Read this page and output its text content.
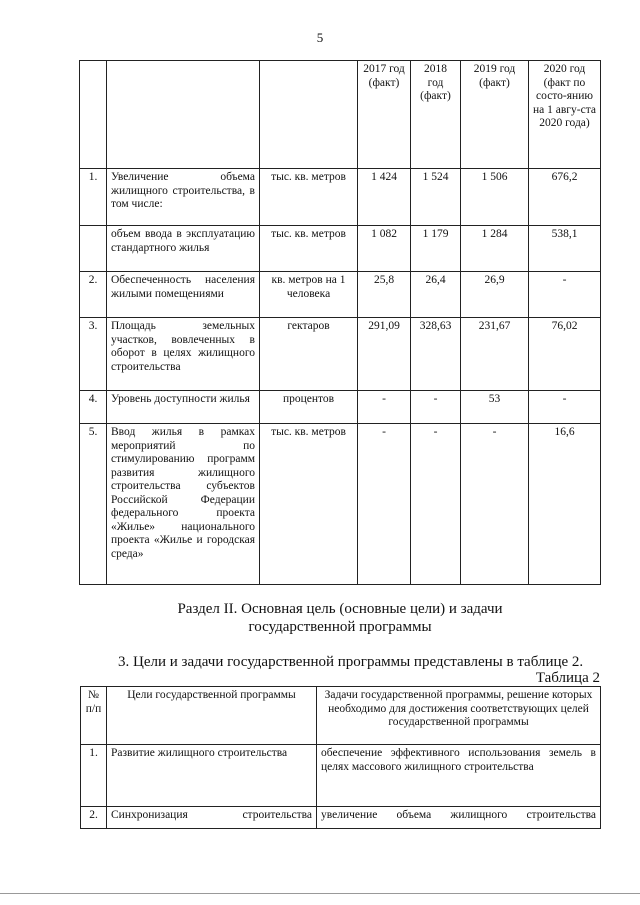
5
			2017 год (факт)	2018 год (факт)	2019 год (факт)	2020 год (факт по состо-янию на 1 авгу-ста 2020 года)
1.	Увеличение объема жилищного строительства, в том числе:	тыс. кв. метров	1 424	1 524	1 506	676,2
	объем ввода в эксплуатацию стандартного жилья	тыс. кв. метров	1 082	1 179	1 284	538,1
2.	Обеспеченность населения жилыми помещениями	кв. метров на 1 человека	25,8	26,4	26,9	-
3.	Площадь земельных участков, вовлеченных в оборот в целях жилищного строительства	гектаров	291,09	328,63	231,67	76,02
4.	Уровень доступности жилья	процентов	-	-	53	-
5.	Ввод жилья в рамках мероприятий по стимулированию программ развития жилищного строительства субъектов Российской Федерации федерального проекта «Жилье» национального проекта «Жилье и городская среда»	тыс. кв. метров	-	-	-	16,6
Раздел II. Основная цель (основные цели) и задачи
государственной программы
3. Цели и задачи государственной программы представлены в таблице 2.
Таблица 2
№ п/п	Цели государственной программы	Задачи государственной программы, решение которых необходимо для достижения соответствующих целей государственной программы
1.	Развитие жилищного строительства	обеспечение эффективного использования земель в целях массового жилищного строительства
2.	Синхронизация строительства	увеличение объема жилищного строительства
